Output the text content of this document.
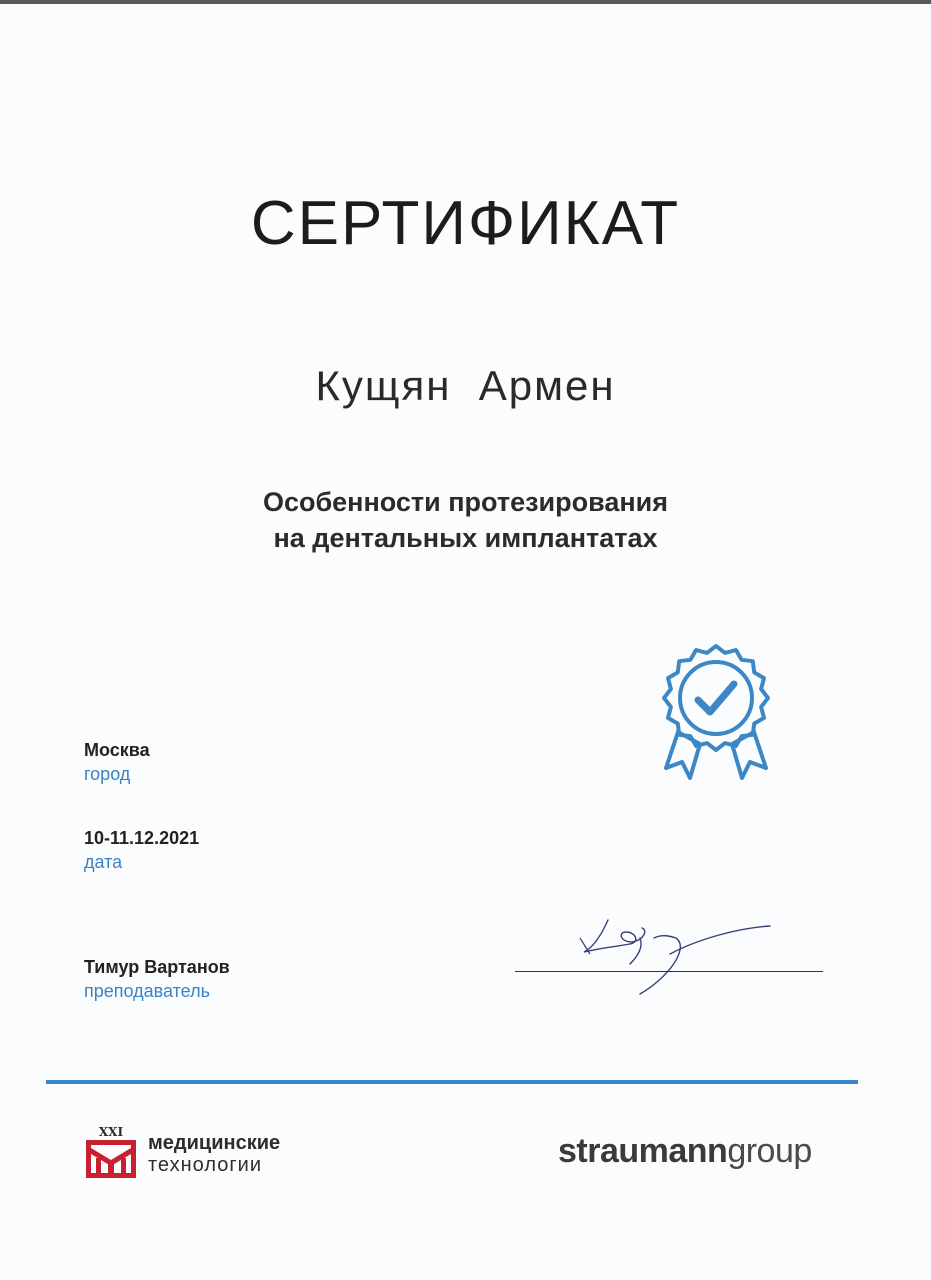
СЕРТИФИКАТ
Кущян  Армен
Особенности протезирования
на дентальных имплантатах
Москва
город
10-11.12.2021
дата
Тимур Вартанов
преподаватель
XXI медицинские
технологии	straumanngroup
